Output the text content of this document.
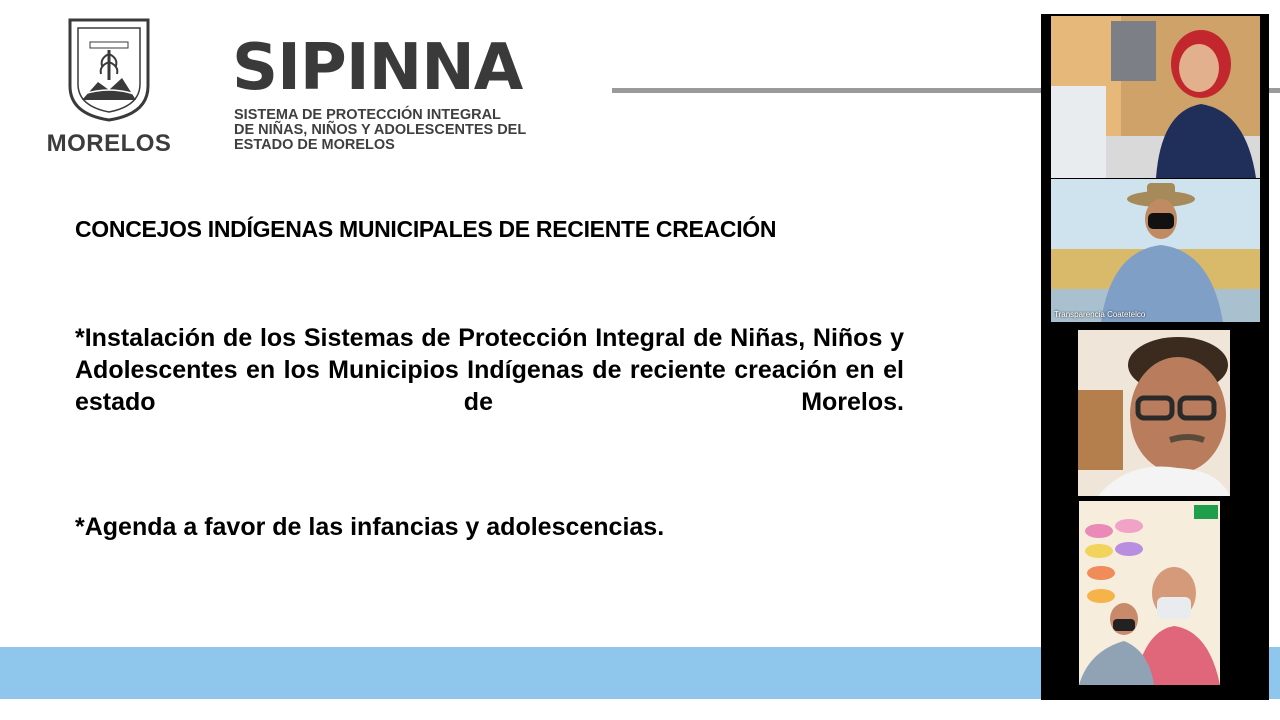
MORELOS
SIPINNA
SISTEMA DE PROTECCIÓN INTEGRAL
DE NIÑAS, NIÑOS Y ADOLESCENTES DEL
ESTADO DE MORELOS
CONCEJOS INDÍGENAS MUNICIPALES DE RECIENTE CREACIÓN
*Instalación de los Sistemas de Protección Integral de Niñas, Niños y Adolescentes en los Municipios Indígenas de reciente creación en el estado de Morelos.
*Agenda a favor de las infancias y adolescencias.
Transparencia Coatetelco
